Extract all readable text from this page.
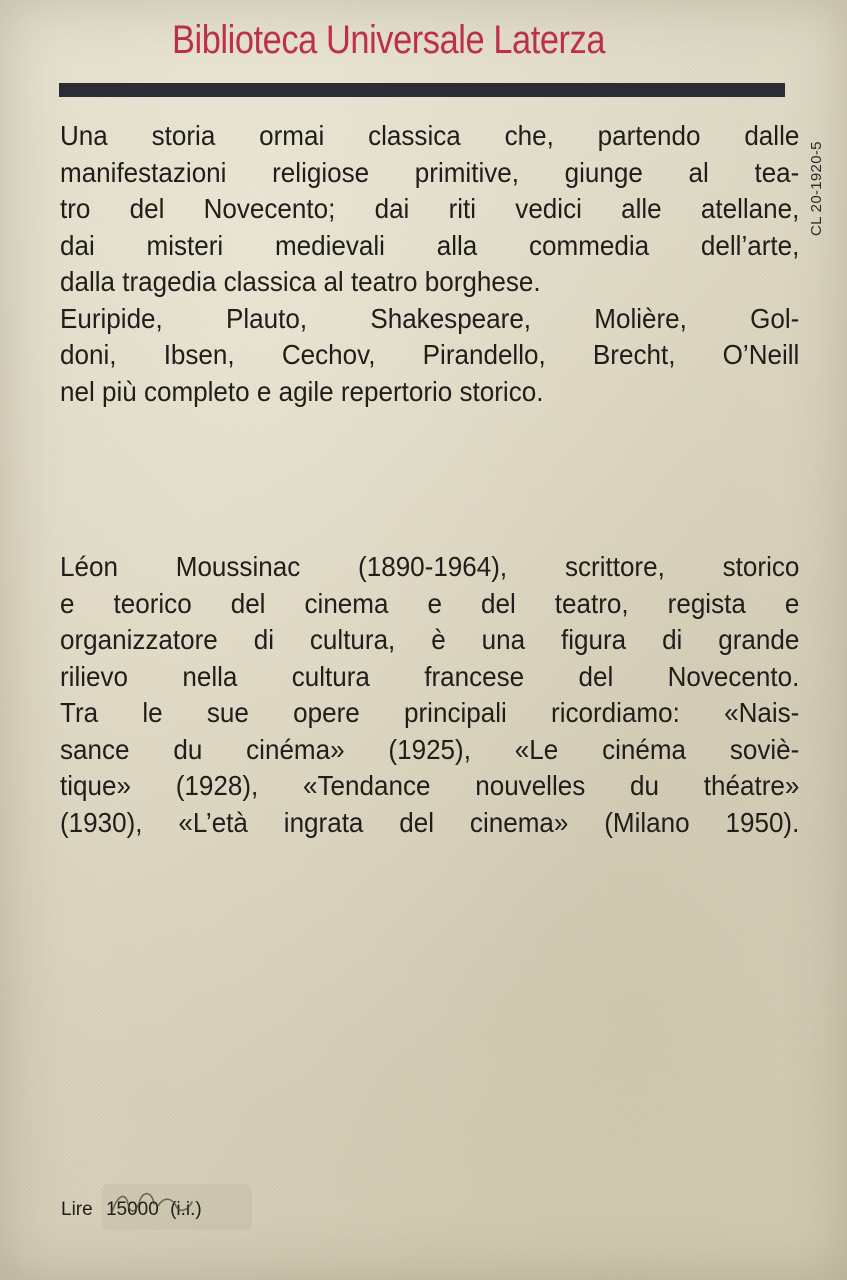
Biblioteca Universale Laterza
CL 20-1920-5
Una storia ormai classica che, partendo dalle
manifestazioni religiose primitive, giunge al tea-
tro del Novecento; dai riti vedici alle atellane,
dai misteri medievali alla commedia dell’arte,
dalla tragedia classica al teatro borghese.
Euripide, Plauto, Shakespeare, Molière, Gol-
doni, Ibsen, Cechov, Pirandello, Brecht, O’Neill
nel più completo e agile repertorio storico.
Léon Moussinac (1890-1964), scrittore, storico
e teorico del cinema e del teatro, regista e
organizzatore di cultura, è una figura di grande
rilievo nella cultura francese del Novecento.
Tra le sue opere principali ricordiamo: «Nais-
sance du cinéma» (1925), «Le cinéma soviè-
tique» (1928), «Tendance nouvelles du théatre»
(1930), «L’età ingrata del cinema» (Milano 1950).
Lire 15000 (i.i.)
